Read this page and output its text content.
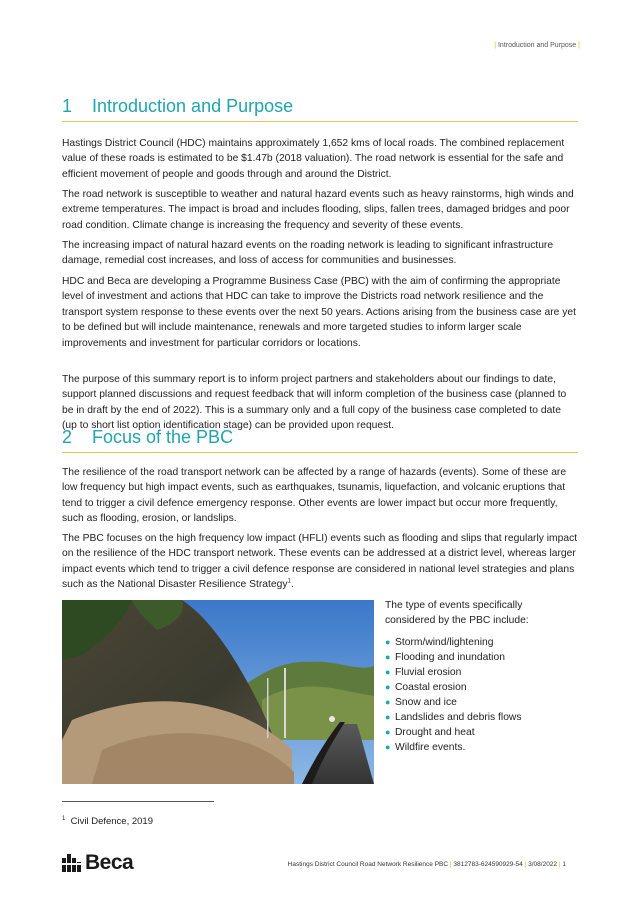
| Introduction and Purpose |
1 Introduction and Purpose

Hastings District Council (HDC) maintains approximately 1,652 kms of local roads. The combined replacement value of these roads is estimated to be $1.47b (2018 valuation). The road network is essential for the safe and efficient movement of people and goods through and around the District.

The road network is susceptible to weather and natural hazard events such as heavy rainstorms, high winds and extreme temperatures. The impact is broad and includes flooding, slips, fallen trees, damaged bridges and poor road condition. Climate change is increasing the frequency and severity of these events.

The increasing impact of natural hazard events on the roading network is leading to significant infrastructure damage, remedial cost increases, and loss of access for communities and businesses.

HDC and Beca are developing a Programme Business Case (PBC) with the aim of confirming the appropriate level of investment and actions that HDC can take to improve the Districts road network resilience and the transport system response to these events over the next 50 years. Actions arising from the business case are yet to be defined but will include maintenance, renewals and more targeted studies to inform larger scale improvements and investment for particular corridors or locations.

The purpose of this summary report is to inform project partners and stakeholders about our findings to date, support planned discussions and request feedback that will inform completion of the business case (planned to be in draft by the end of 2022). This is a summary only and a full copy of the business case completed to date (up to short list option identification stage) can be provided upon request.

2 Focus of the PBC

The resilience of the road transport network can be affected by a range of hazards (events). Some of these are low frequency but high impact events, such as earthquakes, tsunamis, liquefaction, and volcanic eruptions that tend to trigger a civil defence emergency response. Other events are lower impact but occur more frequently, such as flooding, erosion, or landslips.

The PBC focuses on the high frequency low impact (HFLI) events such as flooding and slips that regularly impact on the resilience of the HDC transport network. These events can be addressed at a district level, whereas larger impact events which tend to trigger a civil defence response are considered in national level strategies and plans such as the National Disaster Resilience Strategy$^1$.

The type of events specifically considered by the PBC include:
● Storm/wind/lightening
● Flooding and inundation
● Fluvial erosion
● Coastal erosion
● Snow and ice
● Landslides and debris flows
● Drought and heat
● Wildfire events.
$^1$ Civil Defence, 2019
Beca	Hastings District Council Road Network Resilience PBC | 3812783-624590929-54 | 3/08/2022 | 1
